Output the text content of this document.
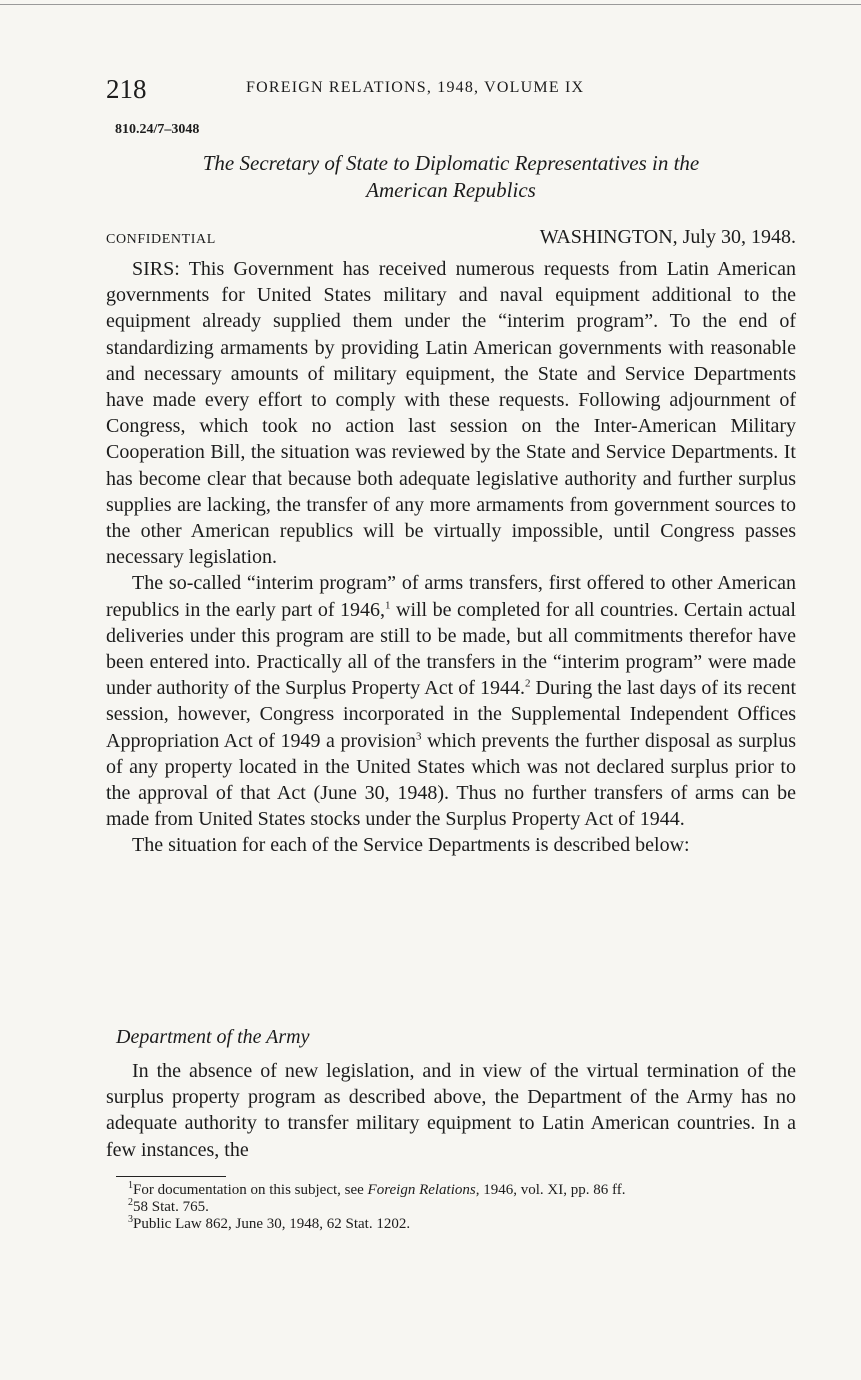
218	FOREIGN RELATIONS, 1948, VOLUME IX
810.24/7–3048
The Secretary of State to Diplomatic Representatives in the
American Republics
CONFIDENTIAL	WASHINGTON, July 30, 1948.

SIRS: This Government has received numerous requests from Latin American governments for United States military and naval equipment additional to the equipment already supplied them under the “interim program”. To the end of standardizing armaments by providing Latin American governments with reasonable and necessary amounts of military equipment, the State and Service Departments have made every effort to comply with these requests. Following adjournment of Congress, which took no action last session on the Inter-American Military Cooperation Bill, the situation was reviewed by the State and Service Departments. It has become clear that because both adequate legislative authority and further surplus supplies are lacking, the transfer of any more armaments from government sources to the other American republics will be virtually impossible, until Congress passes necessary legislation.

The so-called “interim program” of arms transfers, first offered to other American republics in the early part of 1946,$^1$ will be completed for all countries. Certain actual deliveries under this program are still to be made, but all commitments therefor have been entered into. Practically all of the transfers in the “interim program” were made under authority of the Surplus Property Act of 1944.$^2$ During the last days of its recent session, however, Congress incorporated in the Supplemental Independent Offices Appropriation Act of 1949 a provision$^3$ which prevents the further disposal as surplus of any property located in the United States which was not declared surplus prior to the approval of that Act (June 30, 1948). Thus no further transfers of arms can be made from United States stocks under the Surplus Property Act of 1944.

The situation for each of the Service Departments is described below:

Department of the Army

In the absence of new legislation, and in view of the virtual termination of the surplus property program as described above, the Department of the Army has no adequate authority to transfer military equipment to Latin American countries. In a few instances, the

$^1$For documentation on this subject, see Foreign Relations, 1946, vol. XI, pp. 86 ff.

$^2$58 Stat. 765.

$^3$Public Law 862, June 30, 1948, 62 Stat. 1202.
